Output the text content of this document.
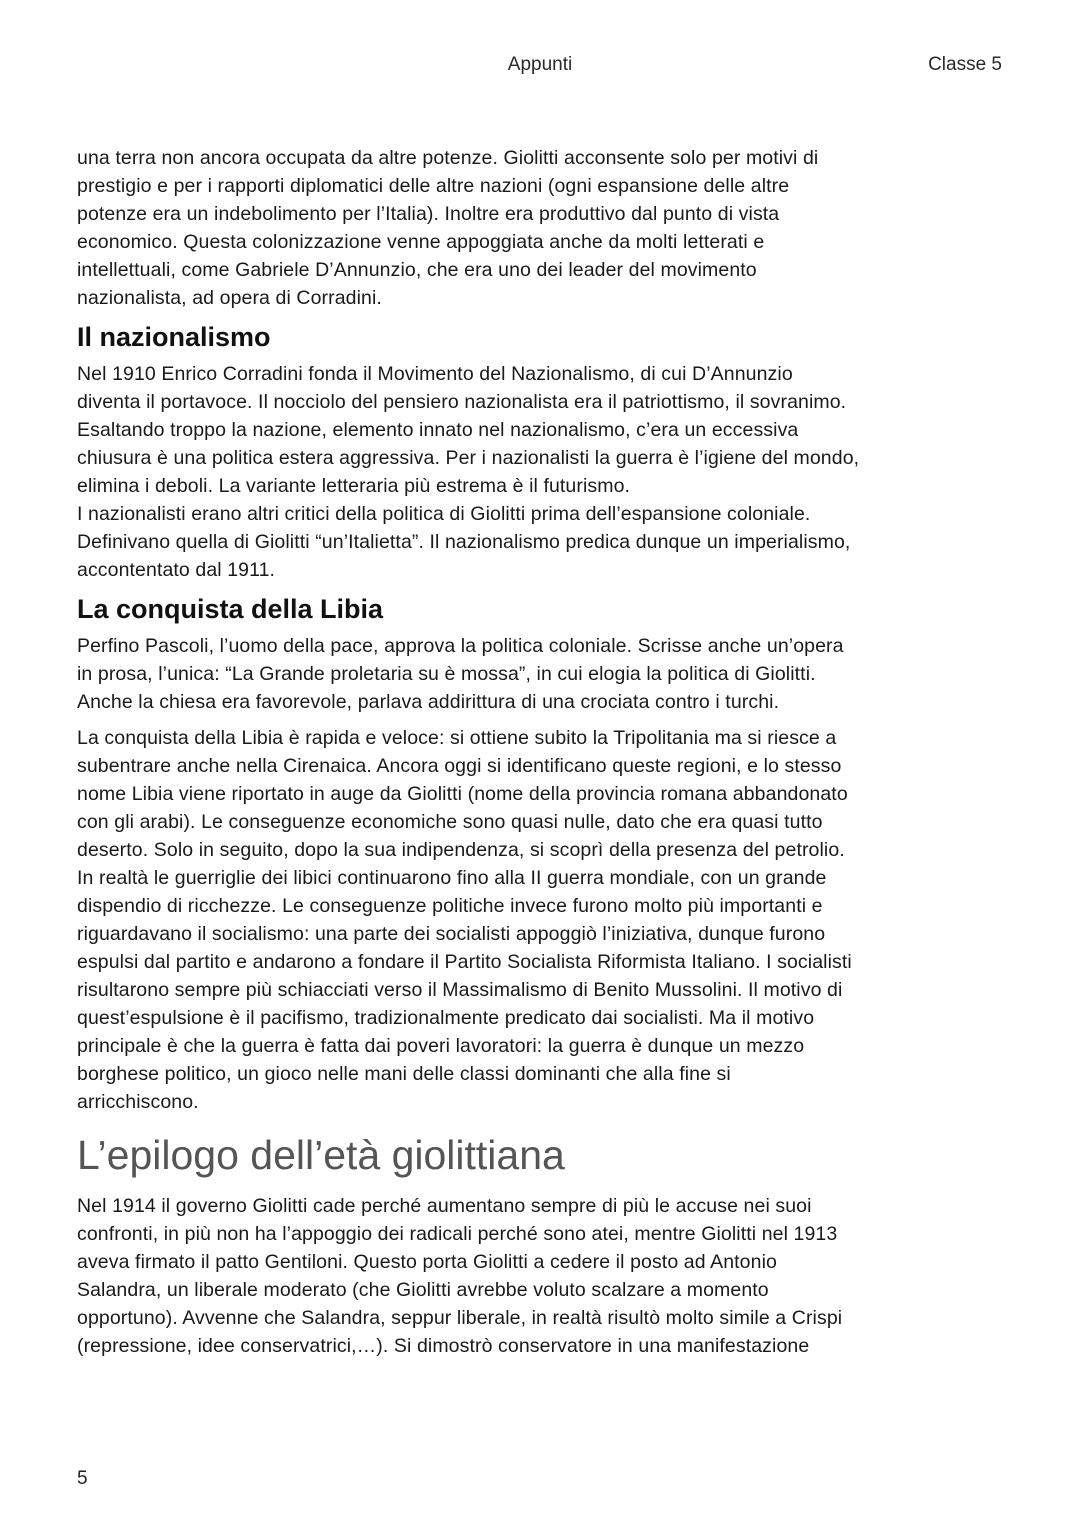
Appunti	Classe 5

una terra non ancora occupata da altre potenze. Giolitti acconsente solo per motivi di
prestigio e per i rapporti diplomatici delle altre nazioni (ogni espansione delle altre
potenze era un indebolimento per l’Italia). Inoltre era produttivo dal punto di vista
economico. Questa colonizzazione venne appoggiata anche da molti letterati e
intellettuali, come Gabriele D’Annunzio, che era uno dei leader del movimento
nazionalista, ad opera di Corradini.

Il nazionalismo

Nel 1910 Enrico Corradini fonda il Movimento del Nazionalismo, di cui D’Annunzio
diventa il portavoce. Il nocciolo del pensiero nazionalista era il patriottismo, il sovranimo.
Esaltando troppo la nazione, elemento innato nel nazionalismo, c’era un eccessiva
chiusura è una politica estera aggressiva. Per i nazionalisti la guerra è l’igiene del mondo,
elimina i deboli. La variante letteraria più estrema è il futurismo.
I nazionalisti erano altri critici della politica di Giolitti prima dell’espansione coloniale.
Definivano quella di Giolitti “un’Italietta”. Il nazionalismo predica dunque un imperialismo,
accontentato dal 1911.

La conquista della Libia

Perfino Pascoli, l’uomo della pace, approva la politica coloniale. Scrisse anche un’opera
in prosa, l’unica: “La Grande proletaria su è mossa”, in cui elogia la politica di Giolitti.
Anche la chiesa era favorevole, parlava addirittura di una crociata contro i turchi.

La conquista della Libia è rapida e veloce: si ottiene subito la Tripolitania ma si riesce a
subentrare anche nella Cirenaica. Ancora oggi si identificano queste regioni, e lo stesso
nome Libia viene riportato in auge da Giolitti (nome della provincia romana abbandonato
con gli arabi). Le conseguenze economiche sono quasi nulle, dato che era quasi tutto
deserto. Solo in seguito, dopo la sua indipendenza, si scoprì della presenza del petrolio.
In realtà le guerriglie dei libici continuarono fino alla II guerra mondiale, con un grande
dispendio di ricchezze. Le conseguenze politiche invece furono molto più importanti e
riguardavano il socialismo: una parte dei socialisti appoggiò l’iniziativa, dunque furono
espulsi dal partito e andarono a fondare il Partito Socialista Riformista Italiano. I socialisti
risultarono sempre più schiacciati verso il Massimalismo di Benito Mussolini. Il motivo di
quest’espulsione è il pacifismo, tradizionalmente predicato dai socialisti. Ma il motivo
principale è che la guerra è fatta dai poveri lavoratori: la guerra è dunque un mezzo
borghese politico, un gioco nelle mani delle classi dominanti che alla fine si
arricchiscono.

L’epilogo dell’età giolittiana

Nel 1914 il governo Giolitti cade perché aumentano sempre di più le accuse nei suoi
confronti, in più non ha l’appoggio dei radicali perché sono atei, mentre Giolitti nel 1913
aveva firmato il patto Gentiloni. Questo porta Giolitti a cedere il posto ad Antonio
Salandra, un liberale moderato (che Giolitti avrebbe voluto scalzare a momento
opportuno). Avvenne che Salandra, seppur liberale, in realtà risultò molto simile a Crispi
(repressione, idee conservatrici,…). Si dimostrò conservatore in una manifestazione

5
